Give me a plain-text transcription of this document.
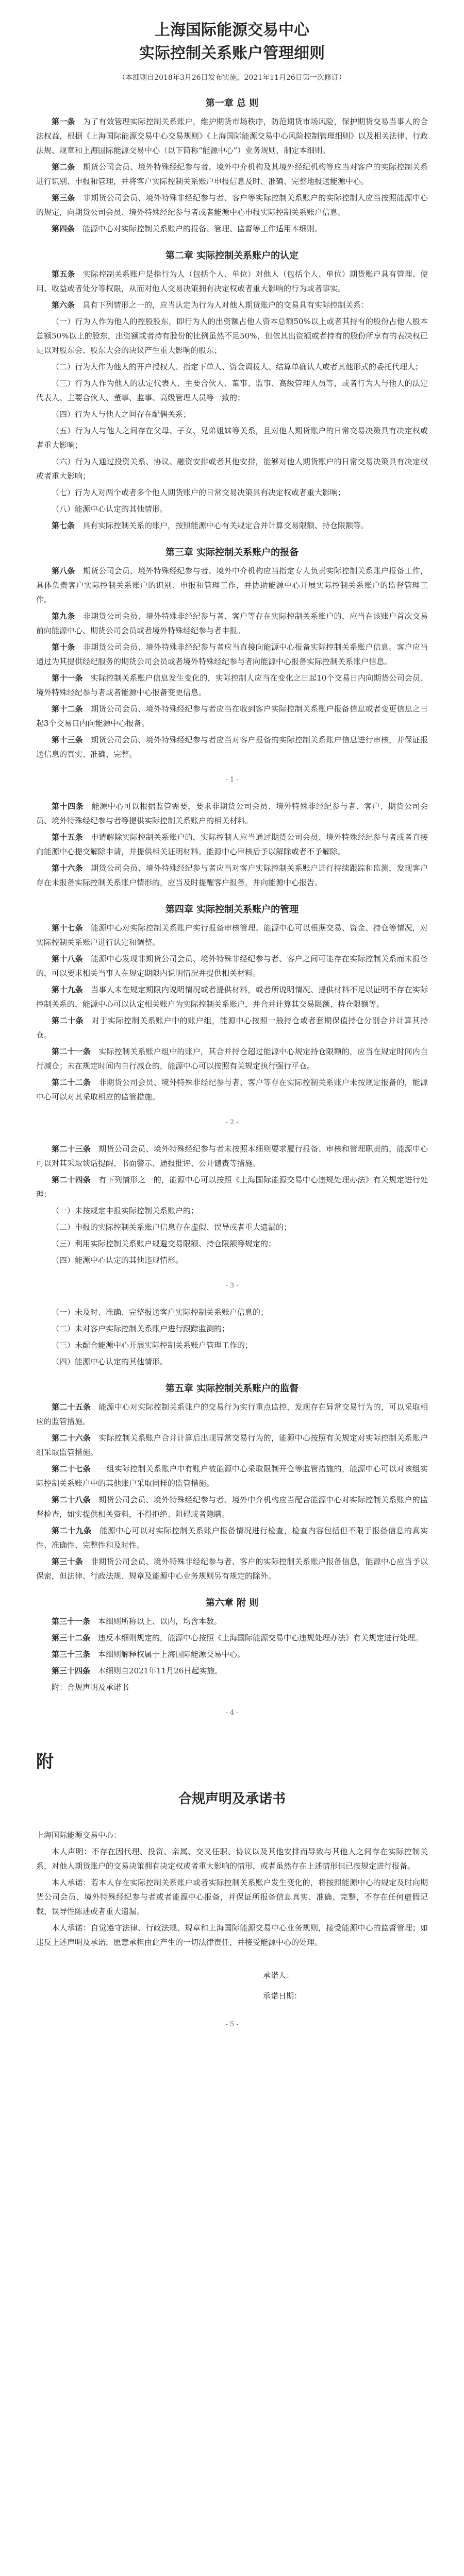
上海国际能源交易中心
实际控制关系账户管理细则
（本细则自2018年3月26日发布实施，2021年11月26日第一次修订）
第一章 总 则

第一条　 为了有效管理实际控制关系账户，维护期货市场秩序，防范期货市场风险，保护期货交易当事人的合法权益，根据《上海国际能源交易中心交易规则》《上海国际能源交易中心风险控制管理细则》以及相关法律、行政法规、规章和上海国际能源交易中心（以下简称“能源中心”）业务规则，制定本细则。

第二条　 期货公司会员、境外特殊经纪参与者、境外中介机构及其境外经纪机构等应当对客户的实际控制关系进行识别、申报和管理，并将客户实际控制关系账户申报信息及时、准确、完整地报送能源中心。

第三条　 非期货公司会员、境外特殊非经纪参与者、客户等实际控制关系账户的实际控制人应当按照能源中心的规定，向期货公司会员、境外特殊经纪参与者或者能源中心申报实际控制关系账户信息。

第四条　 能源中心对实际控制关系账户的报备、管理、监督等工作适用本细则。

第二章 实际控制关系账户的认定

第五条　 实际控制关系账户是指行为人（包括个人、单位）对他人（包括个人、单位）期货账户具有管理、使用、收益或者处分等权限，从而对他人交易决策拥有决定权或者重大影响的行为或者事实。

第六条　 具有下列情形之一的，应当认定为行为人对他人期货账户的交易具有实际控制关系：

（一）行为人作为他人的控股股东，即行为人的出资额占他人资本总额50%以上或者其持有的股份占他人股本总额50%以上的股东，出资额或者持有股份的比例虽然不足50%，但依其出资额或者持有的股份所享有的表决权已足以对股东会、股东大会的决议产生重大影响的股东；

（二）行为人作为他人的开户授权人、指定下单人、资金调拨人、结算单确认人或者其他形式的委托代理人；

（三）行为人作为他人的法定代表人、主要合伙人、董事、监事、高级管理人员等，或者行为人与他人的法定代表人、主要合伙人、董事、监事、高级管理人员等一致的；

（四）行为人与他人之间存在配偶关系；

（五）行为人与他人之间存在父母、子女、兄弟姐妹等关系，且对他人期货账户的日常交易决策具有决定权或者重大影响；

（六）行为人通过投资关系、协议、融资安排或者其他安排，能够对他人期货账户的日常交易决策具有决定权或者重大影响；

（七）行为人对两个或者多个他人期货账户的日常交易决策具有决定权或者重大影响；

（八）能源中心认定的其他情形。

第七条　 具有实际控制关系的账户，按照能源中心有关规定合并计算交易限额、持仓限额等。

第三章 实际控制关系账户的报备

第八条　 期货公司会员、境外特殊经纪参与者、境外中介机构应当指定专人负责实际控制关系账户报备工作，具体负责客户实际控制关系账户的识别、申报和管理工作，并协助能源中心开展实际控制关系账户的监督管理工作。

第九条　 非期货公司会员、境外特殊非经纪参与者、客户等存在实际控制关系账户的，应当在该账户首次交易前向能源中心、期货公司会员或者境外特殊经纪参与者申报。

第十条　 非期货公司会员、境外特殊非经纪参与者应当直接向能源中心报备实际控制关系账户信息。客户应当通过为其提供经纪服务的期货公司会员或者境外特殊经纪参与者向能源中心报备实际控制关系账户信息。

第十一条　 实际控制关系账户信息发生变化的，实际控制人应当在变化之日起10个交易日内向期货公司会员、境外特殊经纪参与者或者能源中心报备变更信息。

第十二条　 期货公司会员、境外特殊经纪参与者应当在收到客户实际控制关系账户报备信息或者变更信息之日起3个交易日内向能源中心报备。

第十三条　 期货公司会员、境外特殊经纪参与者应当对客户报备的实际控制关系账户信息进行审核，并保证报送信息的真实、准确、完整。

- 1 -

第十四条　 能源中心可以根据监管需要，要求非期货公司会员、境外特殊非经纪参与者、客户、期货公司会员、境外特殊经纪参与者等提供实际控制关系账户的相关材料。

第十五条　 申请解除实际控制关系账户的，实际控制人应当通过期货公司会员、境外特殊经纪参与者或者直接向能源中心提交解除申请，并提供相关证明材料。能源中心审核后予以解除或者不予解除。

第十六条　 期货公司会员、境外特殊经纪参与者应当对客户实际控制关系账户进行持续跟踪和监测，发现客户存在未报备实际控制关系账户情形的，应当及时提醒客户报备，并向能源中心报告。

第四章 实际控制关系账户的管理

第十七条　 能源中心对实际控制关系账户实行报备审核管理。能源中心可以根据交易、资金、持仓等情况，对实际控制关系账户进行认定和调整。

第十八条　 能源中心发现非期货公司会员、境外特殊非经纪参与者、客户之间可能存在实际控制关系而未报备的，可以要求相关当事人在规定期限内说明情况并提供相关材料。

第十九条　 当事人未在规定期限内说明情况或者提供材料，或者所说明情况、提供材料不足以证明不存在实际控制关系的，能源中心可以认定相关账户为实际控制关系账户，并合并计算其交易限额、持仓限额等。

第二十条　 对于实际控制关系账户中的账户组，能源中心按照一般持仓或者套期保值持仓分别合并计算其持仓。

第二十一条　 实际控制关系账户组中的账户，其合并持仓超过能源中心规定持仓限额的，应当在规定时间内自行减仓；未在规定时间内自行减仓的，能源中心可以按照有关规定执行强行平仓。

第二十二条　 非期货公司会员、境外特殊非经纪参与者、客户等存在实际控制关系账户未按规定报备的，能源中心可以对其采取相应的监管措施。

- 2 -

第二十三条　 期货公司会员、境外特殊经纪参与者未按照本细则要求履行报备、审核和管理职责的，能源中心可以对其采取谈话提醒、书面警示、通报批评、公开谴责等措施。

第二十四条　 有下列情形之一的，能源中心可以按照《上海国际能源交易中心违规处理办法》有关规定进行处理：

（一）未按规定申报实际控制关系账户的；

（二）申报的实际控制关系账户信息存在虚假、误导或者重大遗漏的；

（三）利用实际控制关系账户规避交易限额、持仓限额等规定的；

（四）能源中心认定的其他违规情形。

- 3 -

（一）未及时、准确、完整报送客户实际控制关系账户信息的；

（二）未对客户实际控制关系账户进行跟踪监测的；

（三）未配合能源中心开展实际控制关系账户管理工作的；

（四）能源中心认定的其他情形。

第五章 实际控制关系账户的监督

第二十五条　 能源中心对实际控制关系账户的交易行为实行重点监控，发现存在异常交易行为的，可以采取相应的监管措施。

第二十六条　 实际控制关系账户合并计算后出现异常交易行为的，能源中心按照有关规定对实际控制关系账户组采取监管措施。

第二十七条　 一组实际控制关系账户中有账户被能源中心采取限制开仓等监管措施的，能源中心可以对该组实际控制关系账户中的其他账户采取同样的监管措施。

第二十八条　 期货公司会员、境外特殊经纪参与者、境外中介机构应当配合能源中心对实际控制关系账户的监督检查，如实提供相关资料，不得拒绝、阻碍或者隐瞒。

第二十九条　 能源中心可以对实际控制关系账户报备情况进行检查，检查内容包括但不限于报备信息的真实性、准确性、完整性和及时性。

第三十条　 非期货公司会员、境外特殊非经纪参与者、客户的实际控制关系账户报备信息，能源中心应当予以保密，但法律、行政法规、规章及能源中心业务规则另有规定的除外。

第六章 附 则

第三十一条　 本细则所称以上、以内，均含本数。

第三十二条　 违反本细则规定的，能源中心按照《上海国际能源交易中心违规处理办法》有关规定进行处理。

第三十三条　 本细则解释权属于上海国际能源交易中心。

第三十四条　 本细则自2021年11月26日起实施。

附：合规声明及承诺书

- 4 -
附
合规声明及承诺书
上海国际能源交易中心：

本人声明：不存在因代理、投资、亲属、交叉任职、协议以及其他安排而导致与其他人之间存在实际控制关系，对他人期货账户的交易决策拥有决定权或者重大影响的情形，或者虽然存在上述情形但已按规定进行报备。

本人承诺：若本人存在实际控制关系账户或者实际控制关系账户发生变化的，将按照能源中心的规定及时向期货公司会员、境外特殊经纪参与者或者能源中心报备，并保证所报备信息真实、准确、完整，不存在任何虚假记载、误导性陈述或者重大遗漏。

本人承诺：自觉遵守法律、行政法规、规章和上海国际能源交易中心业务规则，接受能源中心的监督管理；如违反上述声明及承诺，愿意承担由此产生的一切法律责任，并接受能源中心的处理。

承诺人：
承诺日期：
- 5 -
